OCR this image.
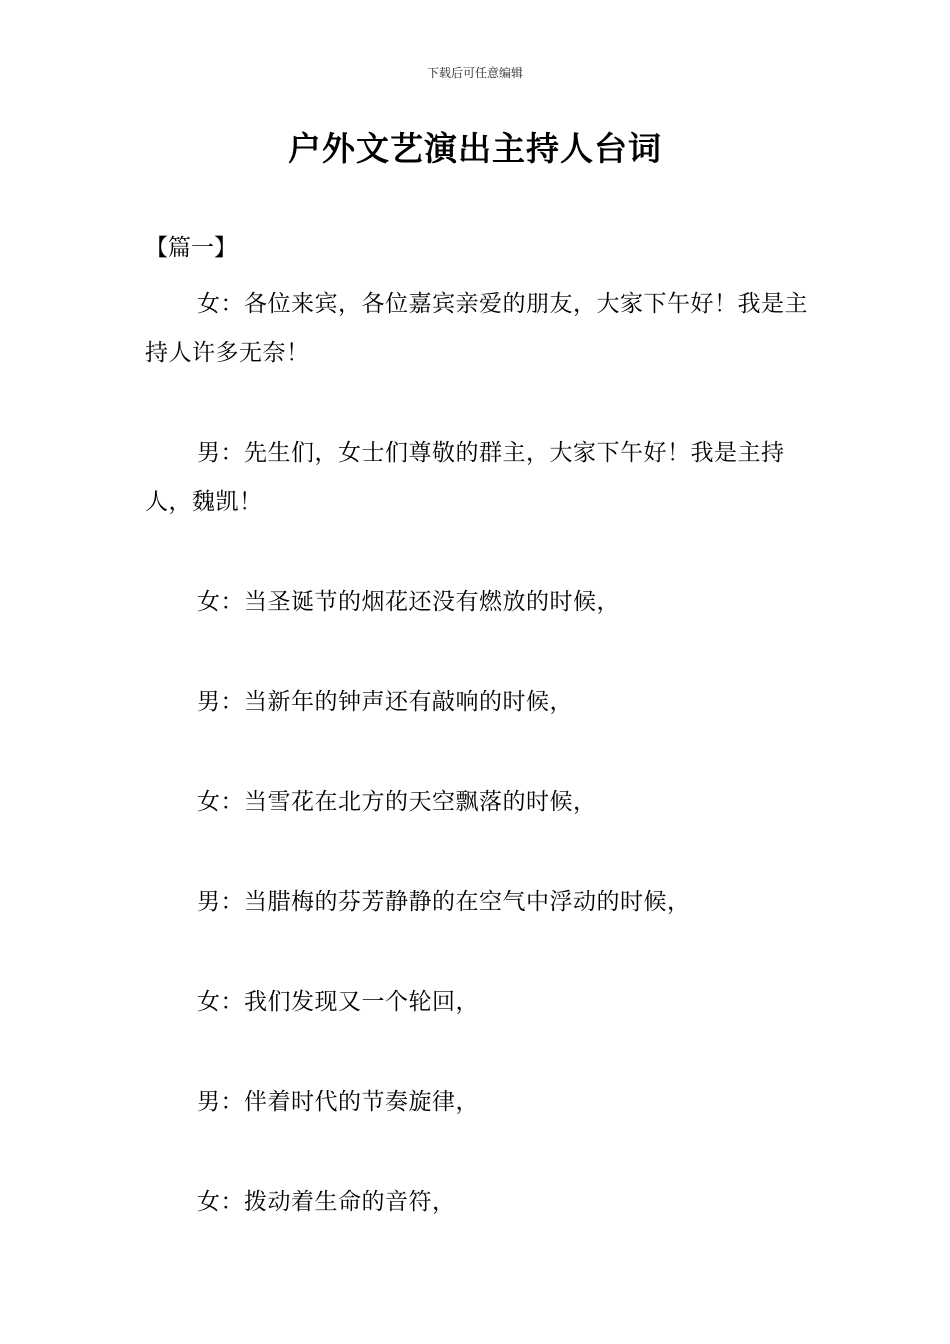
下载后可任意编辑
户外文艺演出主持人台词

【篇一】

女：各位来宾，各位嘉宾亲爱的朋友，大家下午好！我是主持人许多无奈！

男：先生们，女士们尊敬的群主，大家下午好！我是主持人，魏凯！

女：当圣诞节的烟花还没有燃放的时候，

男：当新年的钟声还有敲响的时候，

女：当雪花在北方的天空飘落的时候，

男：当腊梅的芬芳静静的在空气中浮动的时候，

女：我们发现又一个轮回，

男：伴着时代的节奏旋律，

女：拨动着生命的音符，
